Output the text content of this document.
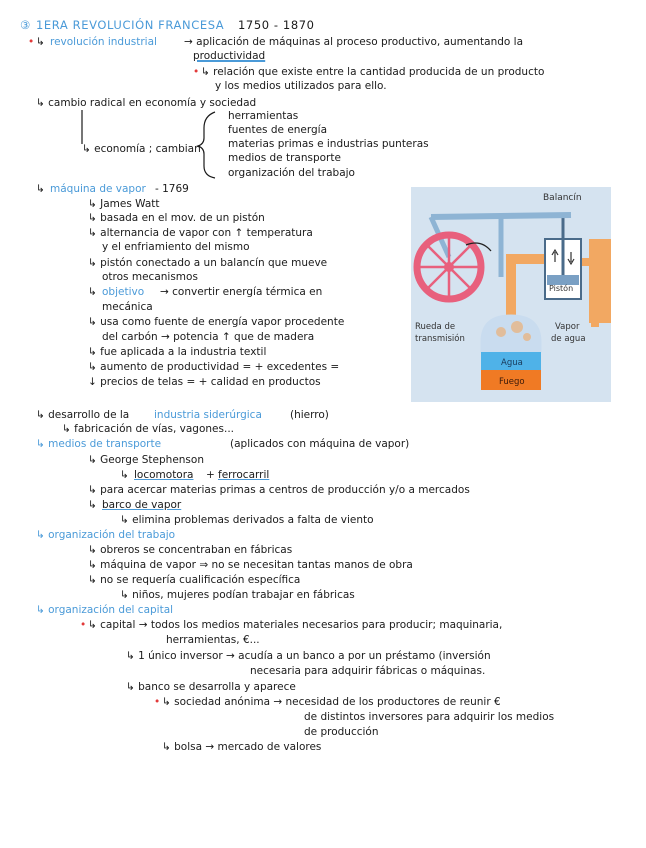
③ 1ERA REVOLUCIÓN FRANCESA 1750 - 1870
• ↳ revolución industrial	→ aplicación de máquinas al proceso productivo, aumentando la
productividad
• ↳ relación que existe entre la cantidad producida de un producto
y los medios utilizados para ello.
↳ cambio radical en economía y sociedad
↳ economía ; cambian
herramientas
fuentes de energía
materias primas e industrias punteras
medios de transporte
organización del trabajo
↳ máquina de vapor - 1769
↳ James Watt
↳ basada en el mov. de un pistón
↳ alternancia de vapor con ↑ temperatura
y el enfriamiento del mismo
↳ pistón conectado a un balancín que mueve
otros mecanismos
↳ objetivo → convertir energía térmica en
mecánica
↳ usa como fuente de energía vapor procedente
del carbón → potencia ↑ que de madera
↳ fue aplicada a la industria textil
↳ aumento de productividad = + excedentes =
↓ precios de telas = + calidad en productos
Balancín
Pistón
Rueda de
transmisión
Vapor
de agua
Agua
Fuego
↳ desarrollo de la industria siderúrgica	(hierro)
↳ fabricación de vías, vagones...
↳ medios de transporte	(aplicados con máquina de vapor)
↳ George Stephenson
↳ locomotora + ferrocarril
↳ para acercar materias primas a centros de producción y/o a mercados
↳ barco de vapor
↳ elimina problemas derivados a falta de viento
↳ organización del trabajo
↳ obreros se concentraban en fábricas
↳ máquina de vapor ⇒ no se necesitan tantas manos de obra
↳ no se requería cualificación específica
↳ niños, mujeres podían trabajar en fábricas
↳ organización del capital
• ↳ capital → todos los medios materiales necesarios para producir; maquinaria,
herramientas, €...
↳ 1 único inversor → acudía a un banco a por un préstamo (inversión
necesaria para adquirir fábricas o máquinas.
↳ banco se desarrolla y aparece
• ↳ sociedad anónima → necesidad de los productores de reunir €
de distintos inversores para adquirir los medios
de producción
↳ bolsa → mercado de valores
